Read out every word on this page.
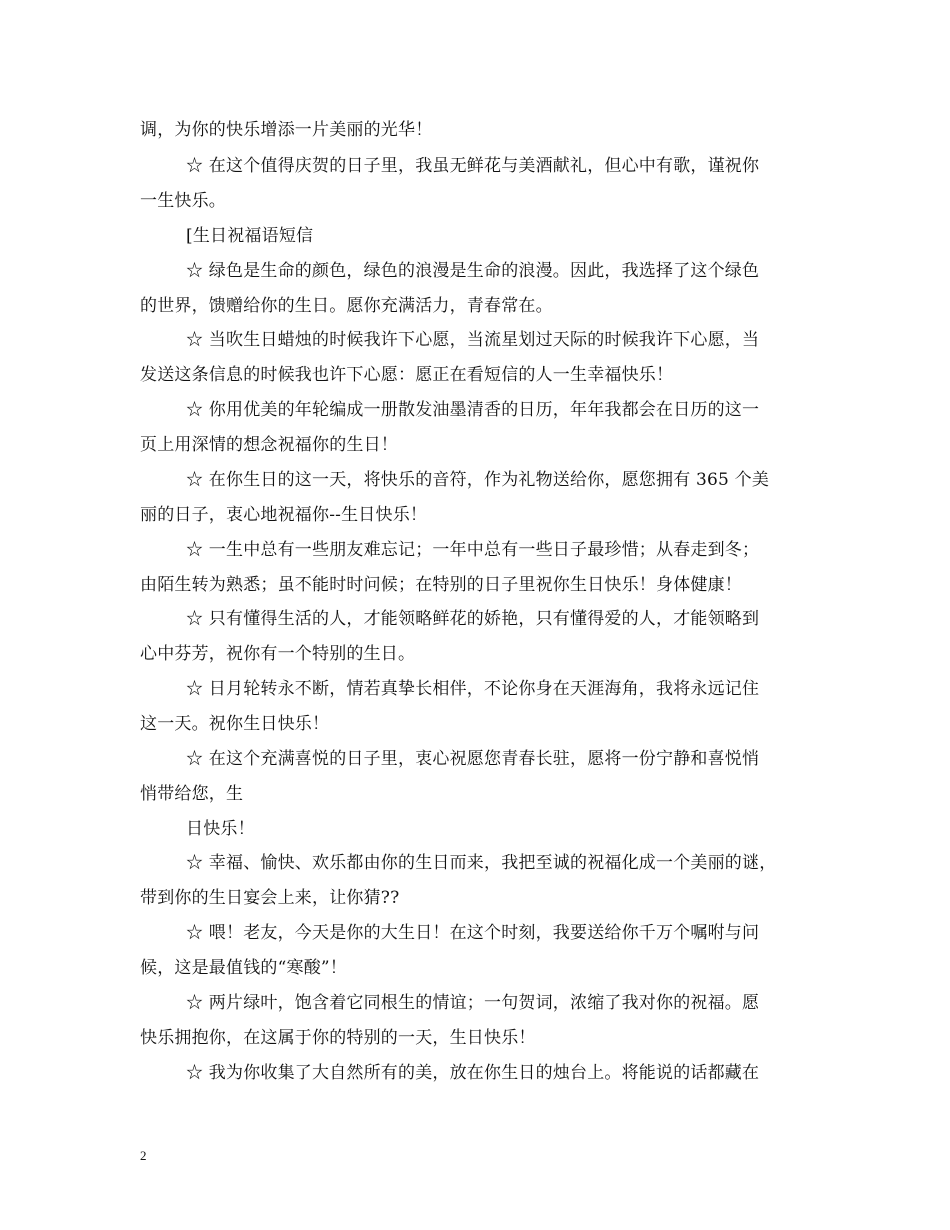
调，为你的快乐增添一片美丽的光华！
☆ 在这个值得庆贺的日子里，我虽无鲜花与美酒献礼，但心中有歌，谨祝你
一生快乐。
[生日祝福语短信
☆ 绿色是生命的颜色，绿色的浪漫是生命的浪漫。因此，我选择了这个绿色
的世界，馈赠给你的生日。愿你充满活力，青春常在。
☆ 当吹生日蜡烛的时候我许下心愿，当流星划过天际的时候我许下心愿，当
发送这条信息的时候我也许下心愿：愿正在看短信的人一生幸福快乐！
☆ 你用优美的年轮编成一册散发油墨清香的日历，年年我都会在日历的这一
页上用深情的想念祝福你的生日！
☆ 在你生日的这一天，将快乐的音符，作为礼物送给你，愿您拥有 365 个美
丽的日子，衷心地祝福你--生日快乐！
☆ 一生中总有一些朋友难忘记；一年中总有一些日子最珍惜；从春走到冬；
由陌生转为熟悉；虽不能时时问候；在特别的日子里祝你生日快乐！身体健康！
☆ 只有懂得生活的人，才能领略鲜花的娇艳，只有懂得爱的人，才能领略到
心中芬芳，祝你有一个特别的生日。
☆ 日月轮转永不断，情若真挚长相伴，不论你身在天涯海角，我将永远记住
这一天。祝你生日快乐！
☆ 在这个充满喜悦的日子里，衷心祝愿您青春长驻，愿将一份宁静和喜悦悄
悄带给您，生
日快乐！
☆ 幸福、愉快、欢乐都由你的生日而来，我把至诚的祝福化成一个美丽的谜，
带到你的生日宴会上来，让你猜??
☆ 喂！老友，今天是你的大生日！在这个时刻，我要送给你千万个嘱咐与问
候，这是最值钱的“寒酸”！
☆ 两片绿叶，饱含着它同根生的情谊；一句贺词，浓缩了我对你的祝福。愿
快乐拥抱你，在这属于你的特别的一天，生日快乐！
☆ 我为你收集了大自然所有的美，放在你生日的烛台上。将能说的话都藏在
2
